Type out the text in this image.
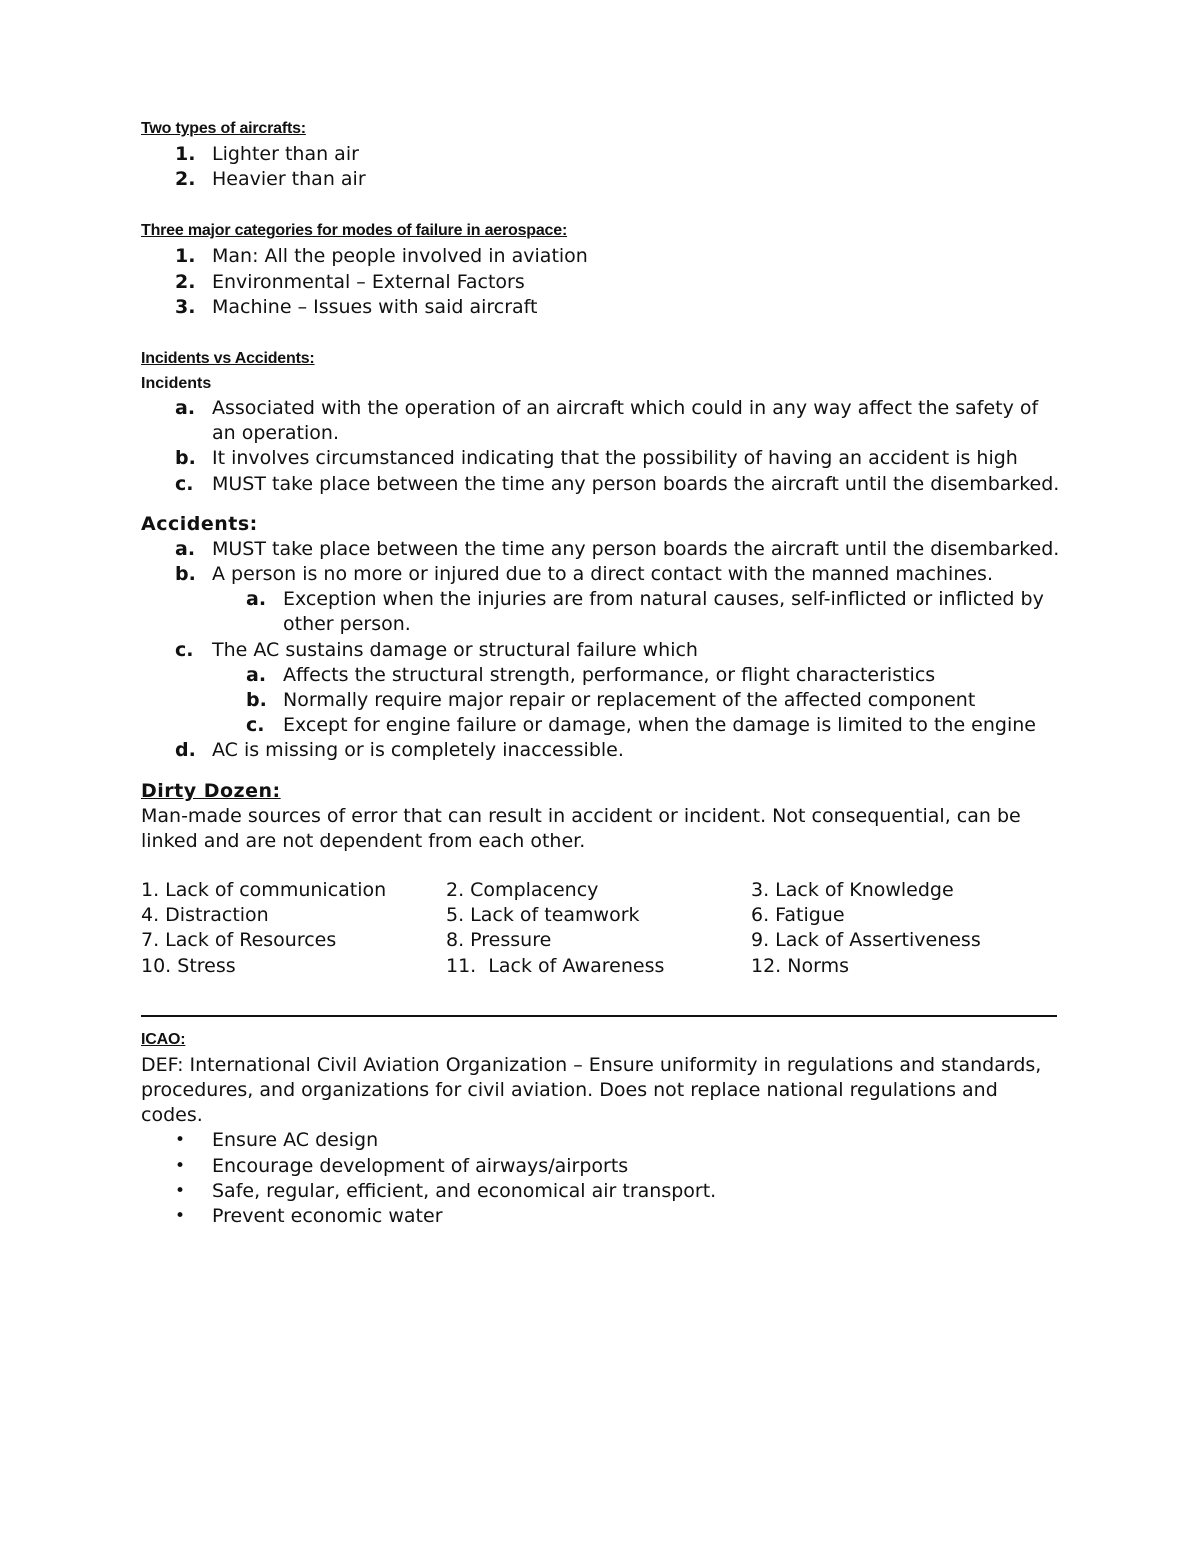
Two types of aircrafts:
1. Lighter than air
2. Heavier than air
Three major categories for modes of failure in aerospace:
1. Man: All the people involved in aviation
2. Environmental – External Factors
3. Machine – Issues with said aircraft
Incidents vs Accidents:
Incidents
a. Associated with the operation of an aircraft which could in any way affect the safety of an operation.
b. It involves circumstanced indicating that the possibility of having an accident is high
c. MUST take place between the time any person boards the aircraft until the disembarked.
Accidents:
a. MUST take place between the time any person boards the aircraft until the disembarked.
b. A person is no more or injured due to a direct contact with the manned machines.
a. Exception when the injuries are from natural causes, self-inflicted or inflicted by other person.
c. The AC sustains damage or structural failure which
a. Affects the structural strength, performance, or flight characteristics
b. Normally require major repair or replacement of the affected component
c. Except for engine failure or damage, when the damage is limited to the engine
d. AC is missing or is completely inaccessible.
Dirty Dozen:
Man-made sources of error that can result in accident or incident. Not consequential, can be linked and are not dependent from each other.
1. Lack of communication	2. Complacency	3. Lack of Knowledge
4. Distraction	5. Lack of teamwork	6. Fatigue
7. Lack of Resources	8. Pressure	9. Lack of Assertiveness
10. Stress	11.  Lack of Awareness	12. Norms
ICAO:
DEF: International Civil Aviation Organization – Ensure uniformity in regulations and standards, procedures, and organizations for civil aviation. Does not replace national regulations and codes.
• Ensure AC design
• Encourage development of airways/airports
• Safe, regular, efficient, and economical air transport.
• Prevent economic water
